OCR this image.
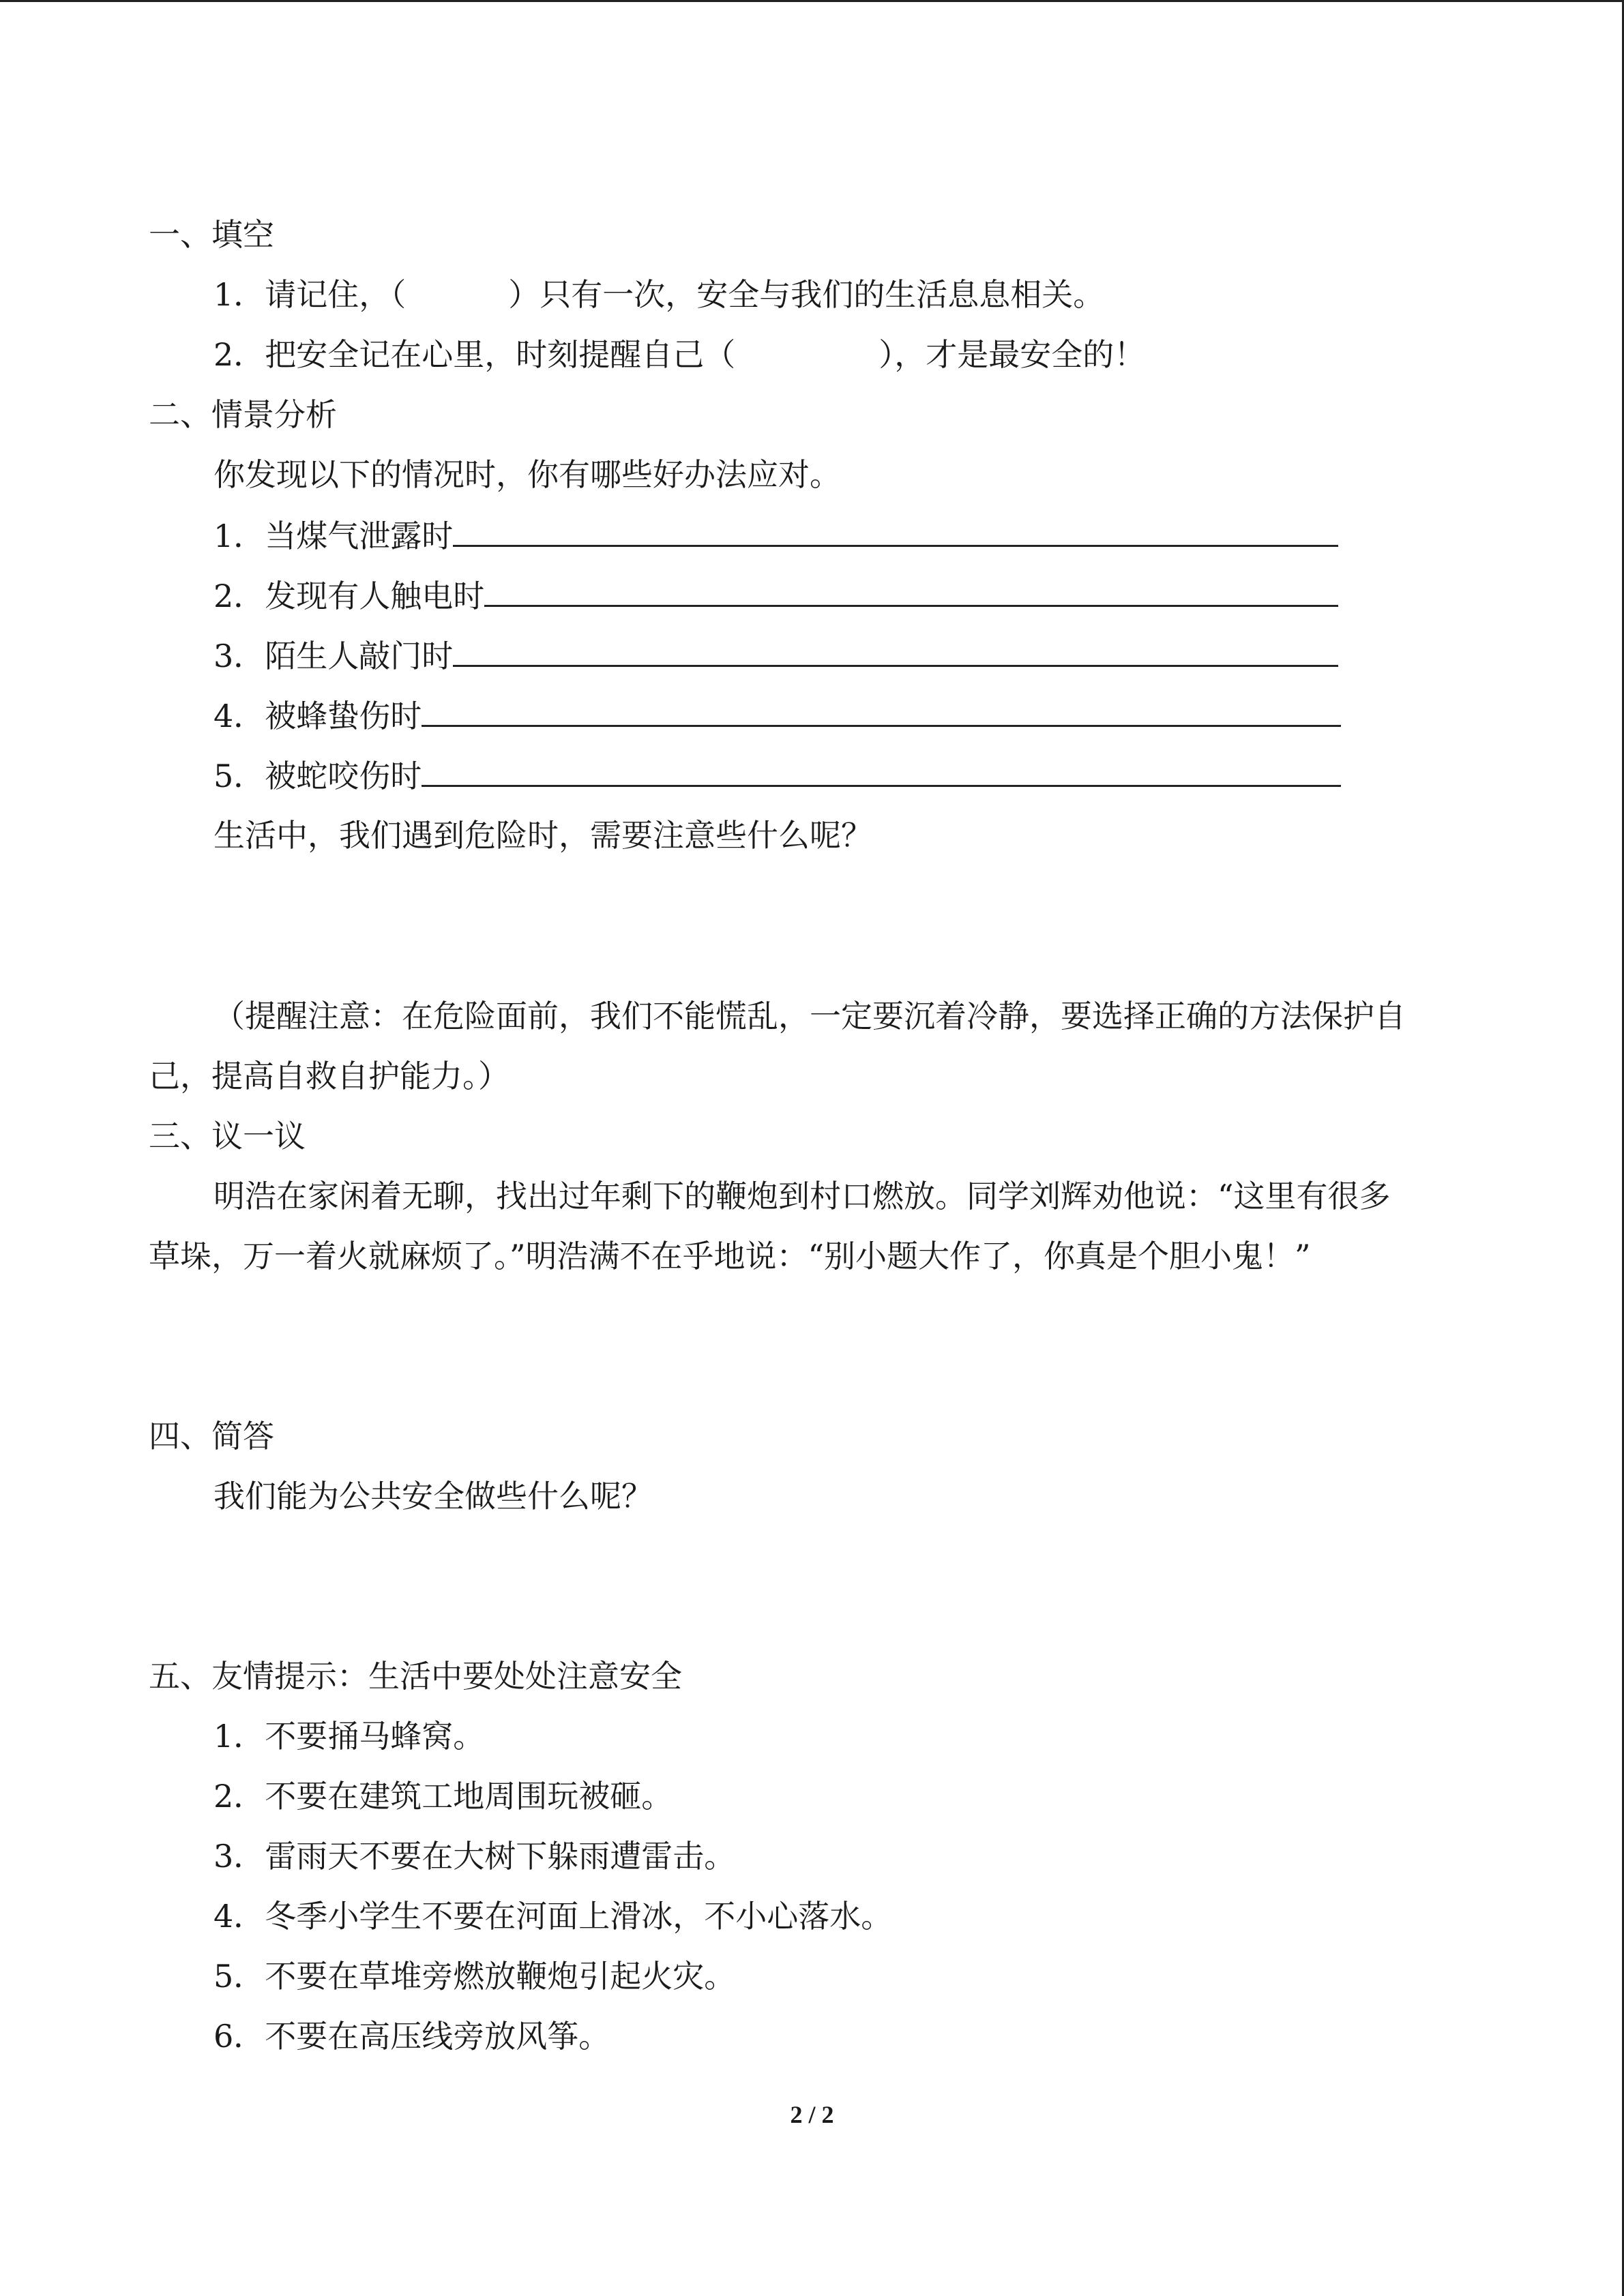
一、填空
1．请记住，（	）只有一次，安全与我们的生活息息相关。
2．把安全记在心里，时刻提醒自己（	），才是最安全的！
二、情景分析
你发现以下的情况时，你有哪些好办法应对。
1．当煤气泄露时
2．发现有人触电时
3．陌生人敲门时
4．被蜂蛰伤时
5．被蛇咬伤时
生活中，我们遇到危险时，需要注意些什么呢？
（提醒注意：在危险面前，我们不能慌乱，一定要沉着冷静，要选择正确的方法保护自
己，提高自救自护能力。）
三、议一议
明浩在家闲着无聊，找出过年剩下的鞭炮到村口燃放。同学刘辉劝他说：“这里有很多
草垛，万一着火就麻烦了。”明浩满不在乎地说：“别小题大作了，你真是个胆小鬼！”
四、简答
我们能为公共安全做些什么呢？
五、友情提示：生活中要处处注意安全
1．不要捅马蜂窝。
2．不要在建筑工地周围玩被砸。
3．雷雨天不要在大树下躲雨遭雷击。
4．冬季小学生不要在河面上滑冰，不小心落水。
5．不要在草堆旁燃放鞭炮引起火灾。
6．不要在高压线旁放风筝。
2 / 2
